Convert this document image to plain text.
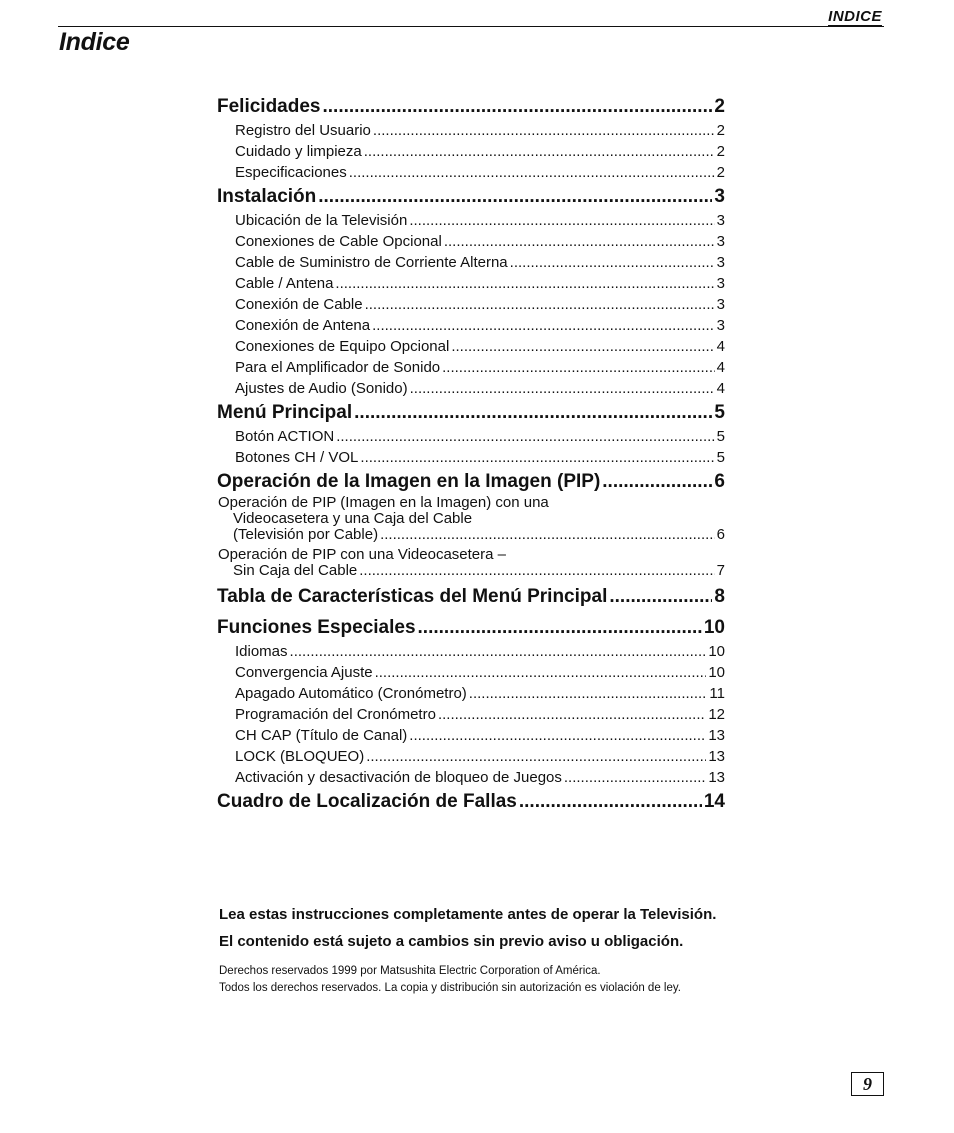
INDICE
Indice
Felicidades .....	2
Registro del Usuario .....	2
Cuidado y limpieza .....	2
Especificaciones .....	2
Instalación .....	3
Ubicación de la Televisión .....	3
Conexiones de Cable Opcional .....	3
Cable de Suministro de Corriente Alterna .....	3
Cable / Antena .....	3
Conexión de Cable .....	3
Conexión de Antena .....	3
Conexiones de Equipo Opcional .....	4
Para el Amplificador de Sonido .....	4
Ajustes de Audio (Sonido) .....	4
Menú Principal .....	5
Botón ACTION .....	5
Botones CH / VOL .....	5
Operación de la Imagen en la Imagen (PIP) .....	6
Operación de PIP (Imagen en la Imagen) con una
Videocasetera y una Caja del Cable
(Televisión por Cable) .....	6
Operación de PIP con una Videocasetera –
Sin Caja del Cable .....	7
Tabla de Características del Menú Principal .....	8
Funciones Especiales .....	10
Idiomas .....	10
Convergencia Ajuste .....	10
Apagado Automático (Cronómetro) .....	11
Programación del Cronómetro .....	12
CH CAP (Título de Canal) .....	13
LOCK (BLOQUEO) .....	13
Activación y desactivación de bloqueo de Juegos .....	13
Cuadro de Localización de Fallas .....	14
Lea estas instrucciones completamente antes de operar la Televisión.
El contenido está sujeto a cambios sin previo aviso u obligación.
Derechos reservados 1999 por Matsushita Electric Corporation of América.
Todos los derechos reservados. La copia y distribución sin autorización es violación de ley.
9
